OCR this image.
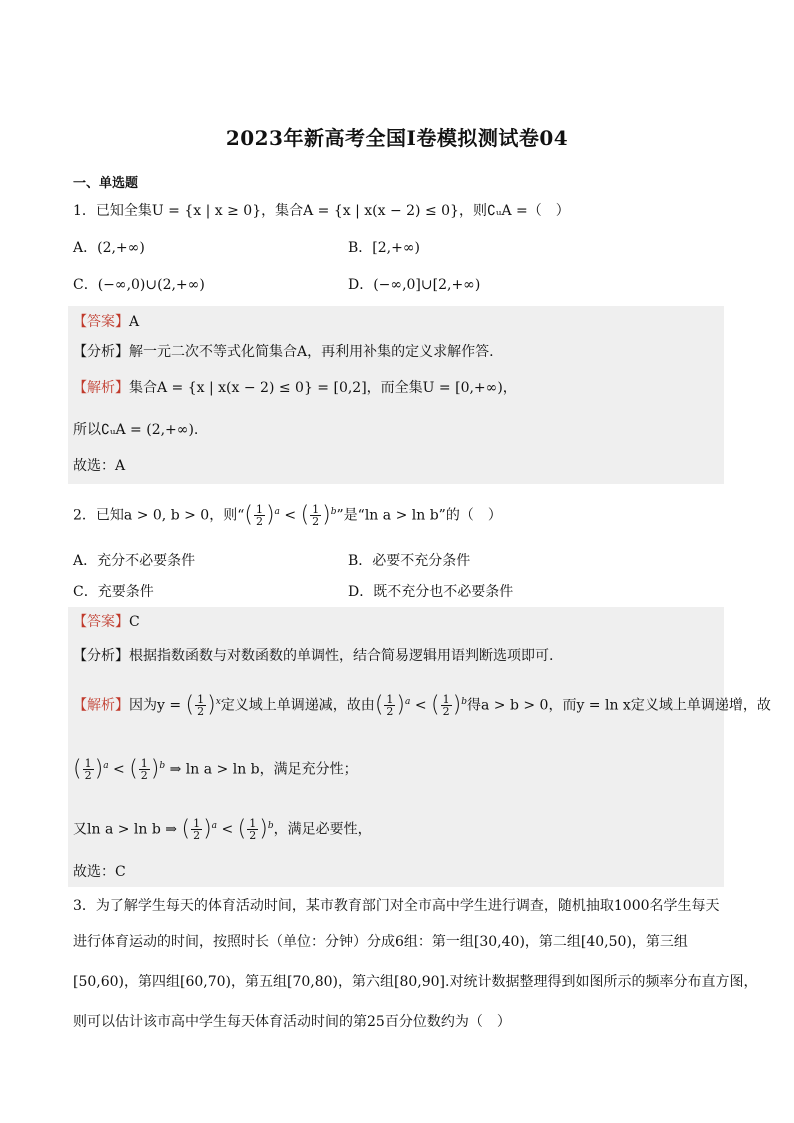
2023年新高考全国Ⅰ卷模拟测试卷04
一、单选题
1．已知全集U = {x | x ≥ 0}，集合A = {x | x(x − 2) ≤ 0}，则∁ᵤA =（　）
A．(2,+∞)	B．[2,+∞)
C．(−∞,0)∪(2,+∞)	D．(−∞,0]∪[2,+∞)
【答案】A
【分析】解一元二次不等式化简集合A，再利用补集的定义求解作答.
【解析】集合A = {x | x(x − 2) ≤ 0} = [0,2]，而全集U = [0,+∞)，
所以∁ᵤA = (2,+∞).
故选：A
2．已知a > 0, b > 0，则“( $\frac{1}{2} )^a$ < ( $\frac{1}{2} )^b$”是“ln a > ln b”的（　）
A．充分不必要条件	B．必要不充分条件
C．充要条件	D．既不充分也不必要条件
【答案】C
【分析】根据指数函数与对数函数的单调性，结合简易逻辑用语判断选项即可.
【解析】因为y = ( $\frac{1}{2} )^x$定义域上单调递减，故由( $\frac{1}{2} )^a$ < ( $\frac{1}{2} )^b$得a > b > 0，而y = ln x定义域上单调递增，故
( $\frac{1}{2} )^a$ < ( $\frac{1}{2} )^b$ ⇒ ln a > ln b，满足充分性；
又ln a > ln b ⇒ ( $\frac{1}{2} )^a$ < ( $\frac{1}{2} )^b$，满足必要性，
故选：C
3．为了解学生每天的体育活动时间，某市教育部门对全市高中学生进行调查，随机抽取1000名学生每天
进行体育运动的时间，按照时长（单位：分钟）分成6组：第一组[30,40)，第二组[40,50)，第三组
[50,60)，第四组[60,70)，第五组[70,80)，第六组[80,90].对统计数据整理得到如图所示的频率分布直方图，
则可以估计该市高中学生每天体育活动时间的第25百分位数约为（　）
